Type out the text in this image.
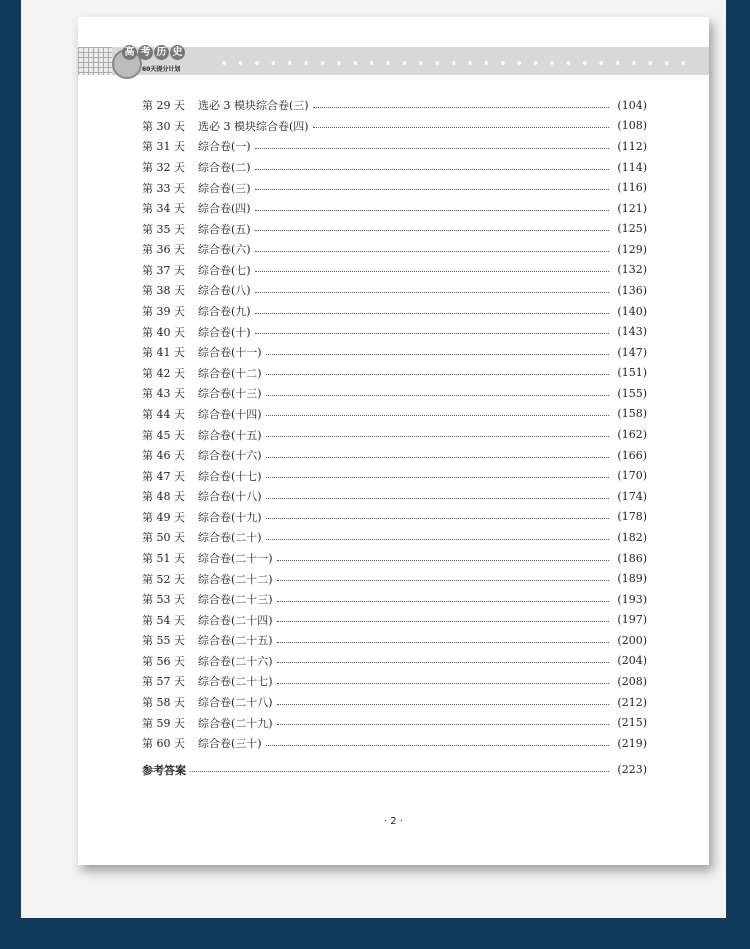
高 考 历 史
60天提分计划
第 29 天	选必 3 模块综合卷(三)	(104)
第 30 天	选必 3 模块综合卷(四)	(108)
第 31 天	综合卷(一)	(112)
第 32 天	综合卷(二)	(114)
第 33 天	综合卷(三)	(116)
第 34 天	综合卷(四)	(121)
第 35 天	综合卷(五)	(125)
第 36 天	综合卷(六)	(129)
第 37 天	综合卷(七)	(132)
第 38 天	综合卷(八)	(136)
第 39 天	综合卷(九)	(140)
第 40 天	综合卷(十)	(143)
第 41 天	综合卷(十一)	(147)
第 42 天	综合卷(十二)	(151)
第 43 天	综合卷(十三)	(155)
第 44 天	综合卷(十四)	(158)
第 45 天	综合卷(十五)	(162)
第 46 天	综合卷(十六)	(166)
第 47 天	综合卷(十七)	(170)
第 48 天	综合卷(十八)	(174)
第 49 天	综合卷(十九)	(178)
第 50 天	综合卷(二十)	(182)
第 51 天	综合卷(二十一)	(186)
第 52 天	综合卷(二十二)	(189)
第 53 天	综合卷(二十三)	(193)
第 54 天	综合卷(二十四)	(197)
第 55 天	综合卷(二十五)	(200)
第 56 天	综合卷(二十六)	(204)
第 57 天	综合卷(二十七)	(208)
第 58 天	综合卷(二十八)	(212)
第 59 天	综合卷(二十九)	(215)
第 60 天	综合卷(三十)	(219)
参考答案	(223)
· 2 ·
